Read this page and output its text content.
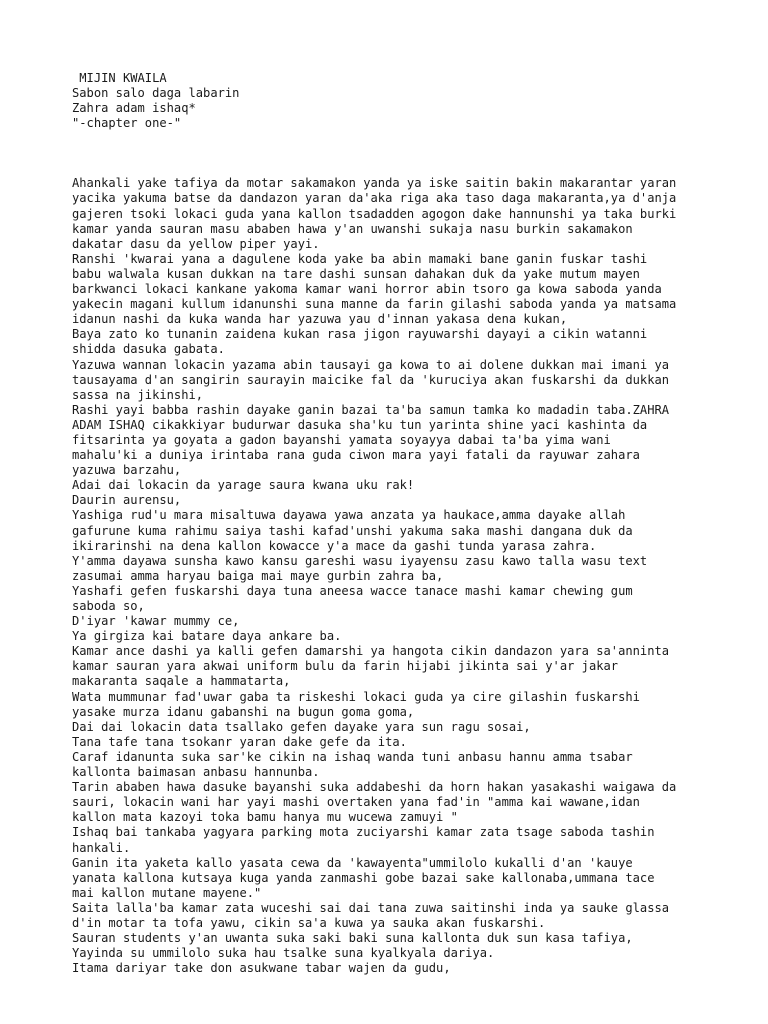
MIJIN KWAILA
Sabon salo daga labarin
Zahra adam ishaq*
"-chapter one-"
Ahankali yake tafiya da motar sakamakon yanda ya iske saitin bakin makarantar yaran
yacika yakuma batse da dandazon yaran da'aka riga aka taso daga makaranta,ya d'anja
gajeren tsoki lokaci guda yana kallon tsadadden agogon dake hannunshi ya taka burki
kamar yanda sauran masu ababen hawa y'an uwanshi sukaja nasu burkin sakamakon
dakatar dasu da yellow piper yayi.
Ranshi 'kwarai yana a dagulene koda yake ba abin mamaki bane ganin fuskar tashi
babu walwala kusan dukkan na tare dashi sunsan dahakan duk da yake mutum mayen
barkwanci lokaci kankane yakoma kamar wani horror abin tsoro ga kowa saboda yanda
yakecin magani kullum idanunshi suna manne da farin gilashi saboda yanda ya matsama
idanun nashi da kuka wanda har yazuwa yau d'innan yakasa dena kukan,
Baya zato ko tunanin zaidena kukan rasa jigon rayuwarshi dayayi a cikin watanni
shidda dasuka gabata.
Yazuwa wannan lokacin yazama abin tausayi ga kowa to ai dolene dukkan mai imani ya
tausayama d'an sangirin saurayin maicike fal da 'kuruciya akan fuskarshi da dukkan
sassa na jikinshi,
Rashi yayi babba rashin dayake ganin bazai ta'ba samun tamka ko madadin taba.ZAHRA
ADAM ISHAQ cikakkiyar budurwar dasuka sha'ku tun yarinta shine yaci kashinta da
fitsarinta ya goyata a gadon bayanshi yamata soyayya dabai ta'ba yima wani
mahalu'ki a duniya irintaba rana guda ciwon mara yayi fatali da rayuwar zahara
yazuwa barzahu,
Adai dai lokacin da yarage saura kwana uku rak!
Daurin aurensu,
Yashiga rud'u mara misaltuwa dayawa yawa anzata ya haukace,amma dayake allah
gafurune kuma rahimu saiya tashi kafad'unshi yakuma saka mashi dangana duk da
ikirarinshi na dena kallon kowacce y'a mace da gashi tunda yarasa zahra.
Y'amma dayawa sunsha kawo kansu gareshi wasu iyayensu zasu kawo talla wasu text
zasumai amma haryau baiga mai maye gurbin zahra ba,
Yashafi gefen fuskarshi daya tuna aneesa wacce tanace mashi kamar chewing gum
saboda so,
D'iyar 'kawar mummy ce,
Ya girgiza kai batare daya ankare ba.
Kamar ance dashi ya kalli gefen damarshi ya hangota cikin dandazon yara sa'anninta
kamar sauran yara akwai uniform bulu da farin hijabi jikinta sai y'ar jakar
makaranta saqale a hammatarta,
Wata mummunar fad'uwar gaba ta riskeshi lokaci guda ya cire gilashin fuskarshi
yasake murza idanu gabanshi na bugun goma goma,
Dai dai lokacin data tsallako gefen dayake yara sun ragu sosai,
Tana tafe tana tsokanr yaran dake gefe da ita.
Caraf idanunta suka sar'ke cikin na ishaq wanda tuni anbasu hannu amma tsabar
kallonta baimasan anbasu hannunba.
Tarin ababen hawa dasuke bayanshi suka addabeshi da horn hakan yasakashi waigawa da
sauri, lokacin wani har yayi mashi overtaken yana fad'in "amma kai wawane,idan
kallon mata kazoyi toka bamu hanya mu wucewa zamuyi "
Ishaq bai tankaba yagyara parking mota zuciyarshi kamar zata tsage saboda tashin
hankali.
Ganin ita yaketa kallo yasata cewa da 'kawayenta"ummilolo kukalli d'an 'kauye
yanata kallona kutsaya kuga yanda zanmashi gobe bazai sake kallonaba,ummana tace
mai kallon mutane mayene."
Saita lalla'ba kamar zata wuceshi sai dai tana zuwa saitinshi inda ya sauke glassa
d'in motar ta tofa yawu, cikin sa'a kuwa ya sauka akan fuskarshi.
Sauran students y'an uwanta suka saki baki suna kallonta duk sun kasa tafiya,
Yayinda su ummilolo suka hau tsalke suna kyalkyala dariya.
Itama dariyar take don asukwane tabar wajen da gudu,
